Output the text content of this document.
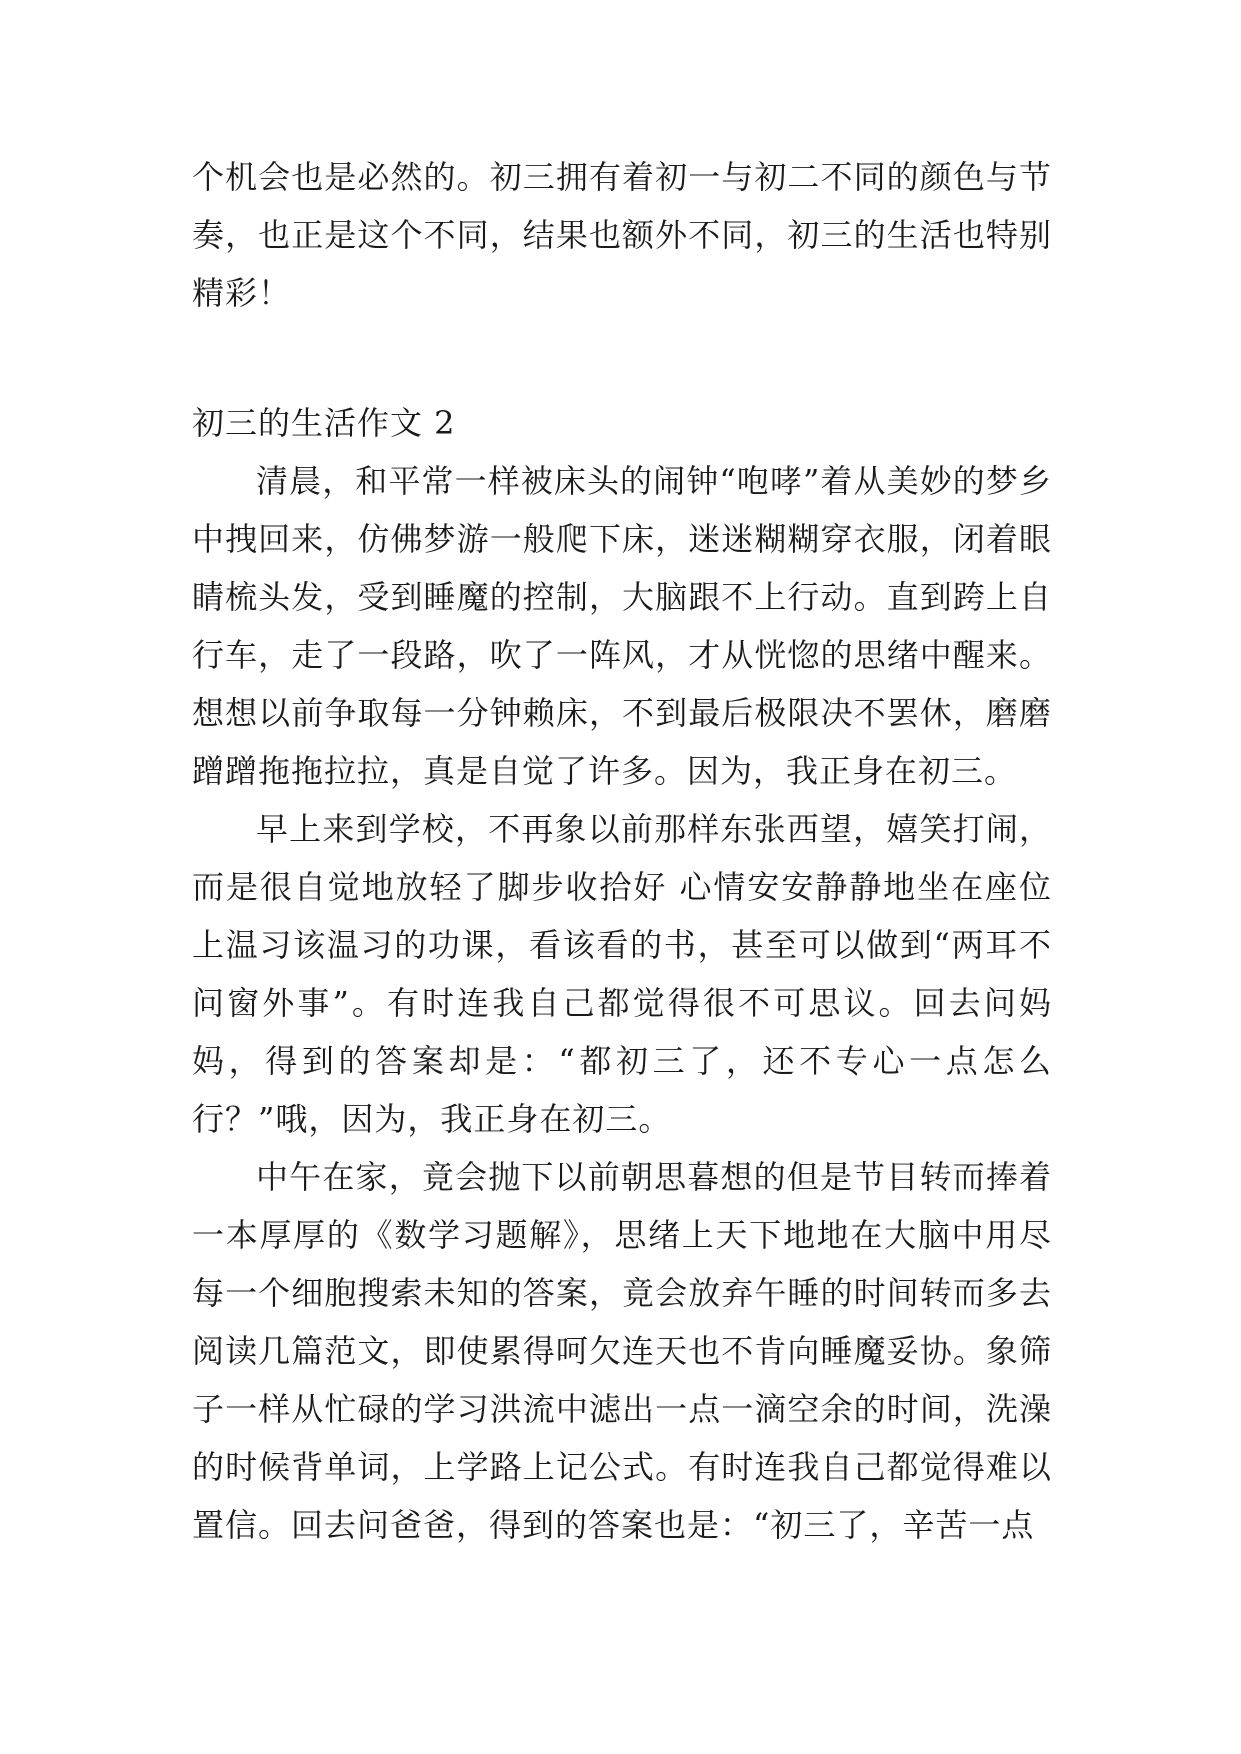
个机会也是必然的。初三拥有着初一与初二不同的颜色与节奏，也正是这个不同，结果也额外不同，初三的生活也特别精彩！

初三的生活作文 2

清晨，和平常一样被床头的闹钟“咆哮”着从美妙的梦乡中拽回来，仿佛梦游一般爬下床，迷迷糊糊穿衣服，闭着眼睛梳头发，受到睡魔的控制，大脑跟不上行动。直到跨上自行车，走了一段路，吹了一阵风，才从恍惚的思绪中醒来。想想以前争取每一分钟赖床，不到最后极限决不罢休，磨磨蹭蹭拖拖拉拉，真是自觉了许多。因为，我正身在初三。

早上来到学校，不再象以前那样东张西望，嬉笑打闹，而是很自觉地放轻了脚步收拾好 心情安安静静地坐在座位上温习该温习的功课，看该看的书，甚至可以做到“两耳不问窗外事”。有时连我自己都觉得很不可思议。回去问妈妈，得到的答案却是：“都初三了，还不专心一点怎么行？”哦，因为，我正身在初三。

中午在家，竟会抛下以前朝思暮想的但是节目转而捧着一本厚厚的《数学习题解》，思绪上天下地地在大脑中用尽每一个细胞搜索未知的答案，竟会放弃午睡的时间转而多去阅读几篇范文，即使累得呵欠连天也不肯向睡魔妥协。象筛子一样从忙碌的学习洪流中滤出一点一滴空余的时间，洗澡的时候背单词，上学路上记公式。有时连我自己都觉得难以置信。回去问爸爸，得到的答案也是：“初三了，辛苦一点
